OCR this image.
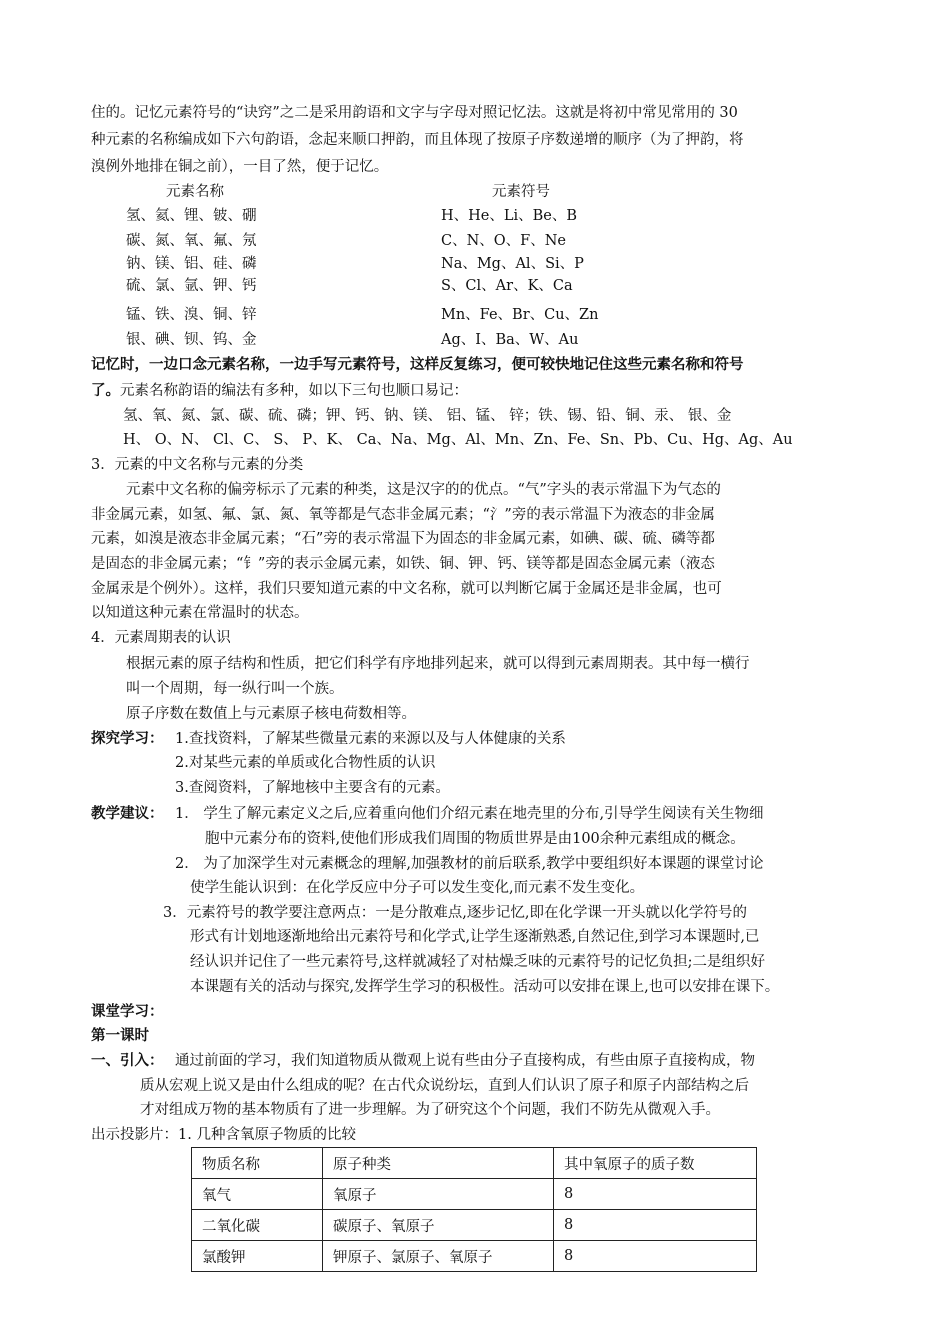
住的。记忆元素符号的“诀窍”之二是采用韵语和文字与字母对照记忆法。这就是将初中常见常用的 30
种元素的名称编成如下六句韵语，念起来顺口押韵，而且体现了按原子序数递增的顺序（为了押韵，将
溴例外地排在铜之前），一目了然，便于记忆。
元素名称	元素符号
氢、氦、锂、铍、硼	H、He、Li、Be、B
碳、氮、氧、氟、氖	C、N、O、F、Ne
钠、镁、铝、硅、磷	Na、Mg、Al、Si、P
硫、氯、氩、钾、钙	S、Cl、Ar、K、Ca
锰、铁、溴、铜、锌	Mn、Fe、Br、Cu、Zn
银、碘、钡、钨、金	Ag、I、Ba、W、Au
记忆时，一边口念元素名称，一边手写元素符号，这样反复练习，便可较快地记住这些元素名称和符号
了。元素名称韵语的编法有多种，如以下三句也顺口易记：
氢、氧、氮、氯、碳、硫、磷；钾、钙、钠、镁、 铝、锰、 锌；铁、锡、铅、铜、汞、 银、金
H、 O、N、 Cl、C、 S、 P、K、 Ca、Na、Mg、Al、Mn、Zn、Fe、Sn、Pb、Cu、Hg、Ag、Au
3．元素的中文名称与元素的分类
元素中文名称的偏旁标示了元素的种类，这是汉字的的优点。“气”字头的表示常温下为气态的
非金属元素，如氢、氟、氯、氮、氧等都是气态非金属元素；“氵”旁的表示常温下为液态的非金属
元素，如溴是液态非金属元素；“石”旁的表示常温下为固态的非金属元素，如碘、碳、硫、磷等都
是固态的非金属元素；“钅”旁的表示金属元素，如铁、铜、钾、钙、镁等都是固态金属元素（液态
金属汞是个例外）。这样，我们只要知道元素的中文名称，就可以判断它属于金属还是非金属，也可
以知道这种元素在常温时的状态。
4．元素周期表的认识
根据元素的原子结构和性质，把它们科学有序地排列起来，就可以得到元素周期表。其中每一横行
叫一个周期，每一纵行叫一个族。
原子序数在数值上与元素原子核电荷数相等。
探究学习： 1.查找资料，了解某些微量元素的来源以及与人体健康的关系
2.对某些元素的单质或化合物性质的认识
3.查阅资料，了解地核中主要含有的元素。
教学建议： 1． 学生了解元素定义之后,应着重向他们介绍元素在地壳里的分布,引导学生阅读有关生物细
胞中元素分布的资料,使他们形成我们周围的物质世界是由100余种元素组成的概念。
2． 为了加深学生对元素概念的理解,加强教材的前后联系,教学中要组织好本课题的课堂讨论
使学生能认识到：在化学反应中分子可以发生变化,而元素不发生变化。
3．元素符号的教学要注意两点：一是分散难点,逐步记忆,即在化学课一开头就以化学符号的
形式有计划地逐渐地给出元素符号和化学式,让学生逐渐熟悉,自然记住,到学习本课题时,已
经认识并记住了一些元素符号,这样就减轻了对枯燥乏味的元素符号的记忆负担;二是组织好
本课题有关的活动与探究,发挥学生学习的积极性。活动可以安排在课上,也可以安排在课下。
课堂学习：
第一课时
一、引入： 通过前面的学习，我们知道物质从微观上说有些由分子直接构成，有些由原子直接构成，物
质从宏观上说又是由什么组成的呢？在古代众说纷坛，直到人们认识了原子和原子内部结构之后
才对组成万物的基本物质有了进一步理解。为了研究这个个问题，我们不防先从微观入手。
出示投影片：1. 几种含氧原子物质的比较
物质名称	原子种类	其中氧原子的质子数
氧气	氧原子	8
二氧化碳	碳原子、氧原子	8
氯酸钾	钾原子、氯原子、氧原子	8
